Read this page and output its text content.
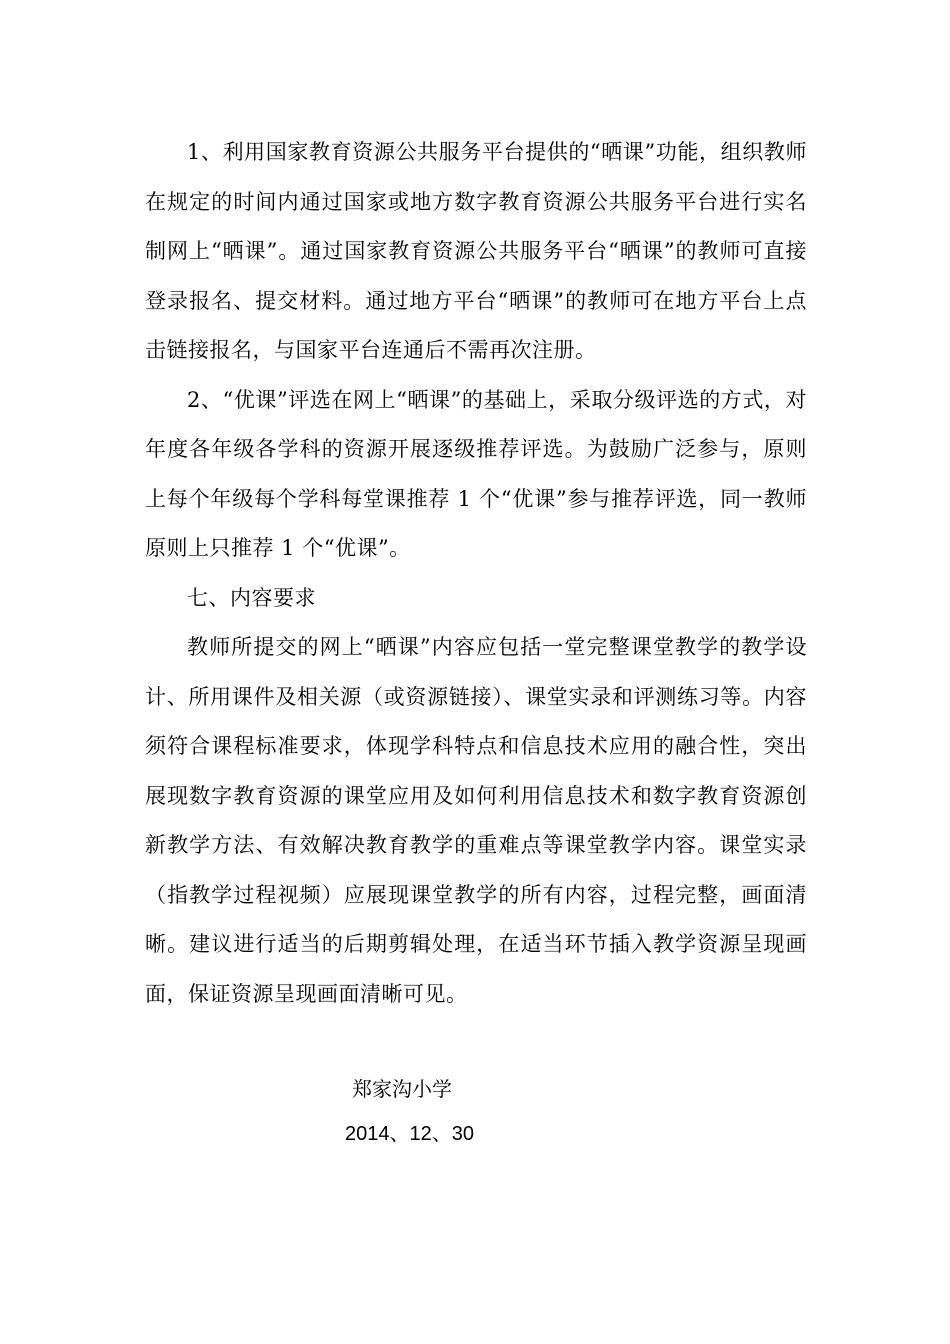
1、利用国家教育资源公共服务平台提供的“晒课”功能，组织教师在规定的时间内通过国家或地方数字教育资源公共服务平台进行实名制网上“晒课”。通过国家教育资源公共服务平台“晒课”的教师可直接登录报名、提交材料。通过地方平台“晒课”的教师可在地方平台上点击链接报名，与国家平台连通后不需再次注册。

2、“优课”评选在网上“晒课”的基础上，采取分级评选的方式，对年度各年级各学科的资源开展逐级推荐评选。为鼓励广泛参与，原则上每个年级每个学科每堂课推荐 1 个“优课”参与推荐评选，同一教师原则上只推荐 1 个“优课”。

七、内容要求

教师所提交的网上“晒课”内容应包括一堂完整课堂教学的教学设计、所用课件及相关源（或资源链接）、课堂实录和评测练习等。内容须符合课程标准要求，体现学科特点和信息技术应用的融合性，突出展现数字教育资源的课堂应用及如何利用信息技术和数字教育资源创新教学方法、有效解决教育教学的重难点等课堂教学内容。课堂实录（指教学过程视频）应展现课堂教学的所有内容，过程完整，画面清晰。建议进行适当的后期剪辑处理，在适当环节插入教学资源呈现画面，保证资源呈现画面清晰可见。

郑家沟小学
2014、12、30
